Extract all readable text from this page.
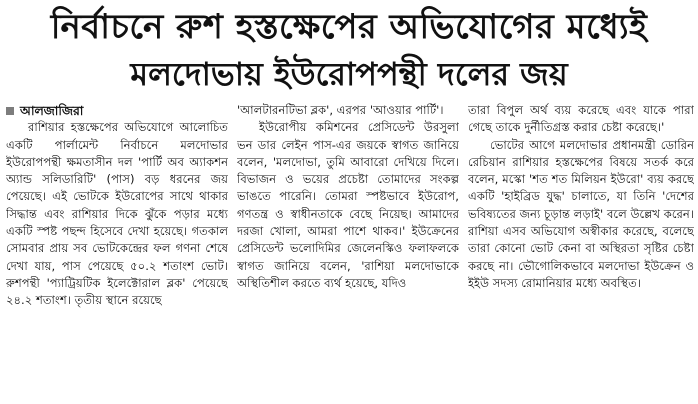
নির্বাচনে রুশ হস্তক্ষেপের অভিযোগের মধ্যেই
মলদোভায় ইউরোপপন্থী দলের জয়
আলজাজিরা

রাশিয়ার হস্তক্ষেপের অভিযোগে আলোচিত একটি পার্লামেন্ট নির্বাচনে মলদোভার ইউরোপপন্থী ক্ষমতাসীন দল 'পার্টি অব অ্যাকশন অ্যান্ড সলিডারিটি' (পাস) বড় ধরনের জয় পেয়েছে। এই ভোটকে ইউরোপের সাথে থাকার সিদ্ধান্ত এবং রাশিয়ার দিকে ঝুঁকে পড়ার মধ্যে একটি স্পষ্ট পছন্দ হিসেবে দেখা হয়েছে। গতকাল সোমবার প্রায় সব ভোটকেন্দ্রের ফল গণনা শেষে দেখা যায়, পাস পেয়েছে ৫০.২ শতাংশ ভোট। রুশপন্থী 'প্যাট্রিয়টিক ইলেক্টোরাল ব্লক' পেয়েছে ২৪.২ শতাংশ। তৃতীয় স্থানে রয়েছে

'আলটারনটিভা ব্লক', এরপর 'আওয়ার পার্টি'।

ইউরোপীয় কমিশনের প্রেসিডেন্ট উরসুলা ভন ডার লেইন পাস-এর জয়কে স্বাগত জানিয়ে বলেন, 'মলদোভা, তুমি আবারো দেখিয়ে দিলে। বিভাজন ও ভয়ের প্রচেষ্টা তোমাদের সংকল্প ভাঙতে পারেনি। তোমরা স্পষ্টভাবে ইউরোপ, গণতন্ত্র ও স্বাধীনতাকে বেছে নিয়েছ। আমাদের দরজা খোলা, আমরা পাশে থাকব।' ইউক্রেনের প্রেসিডেন্ট ভলোদিমির জেলেনস্কিও ফলাফলকে স্বাগত জানিয়ে বলেন, 'রাশিয়া মলদোভাকে অস্থিতিশীল করতে ব্যর্থ হয়েছে, যদিও

তারা বিপুল অর্থ ব্যয় করেছে এবং যাকে পারা গেছে তাকে দুর্নীতিগ্রস্ত করার চেষ্টা করেছে।'

ভোটের আগে মলদোভার প্রধানমন্ত্রী ডোরিন রেচিয়ান রাশিয়ার হস্তক্ষেপের বিষয়ে সতর্ক করে বলেন, মস্কো 'শত শত মিলিয়ন ইউরো' ব্যয় করছে একটি 'হাইব্রিড যুদ্ধ' চালাতে, যা তিনি 'দেশের ভবিষ্যতের জন্য চূড়ান্ত লড়াই' বলে উল্লেখ করেন। রাশিয়া এসব অভিযোগ অস্বীকার করেছে, বলেছে তারা কোনো ভোট কেনা বা অস্থিরতা সৃষ্টির চেষ্টা করছে না। ভৌগোলিকভাবে মলদোভা ইউক্রেন ও ইইউ সদস্য রোমানিয়ার মধ্যে অবস্থিত।
